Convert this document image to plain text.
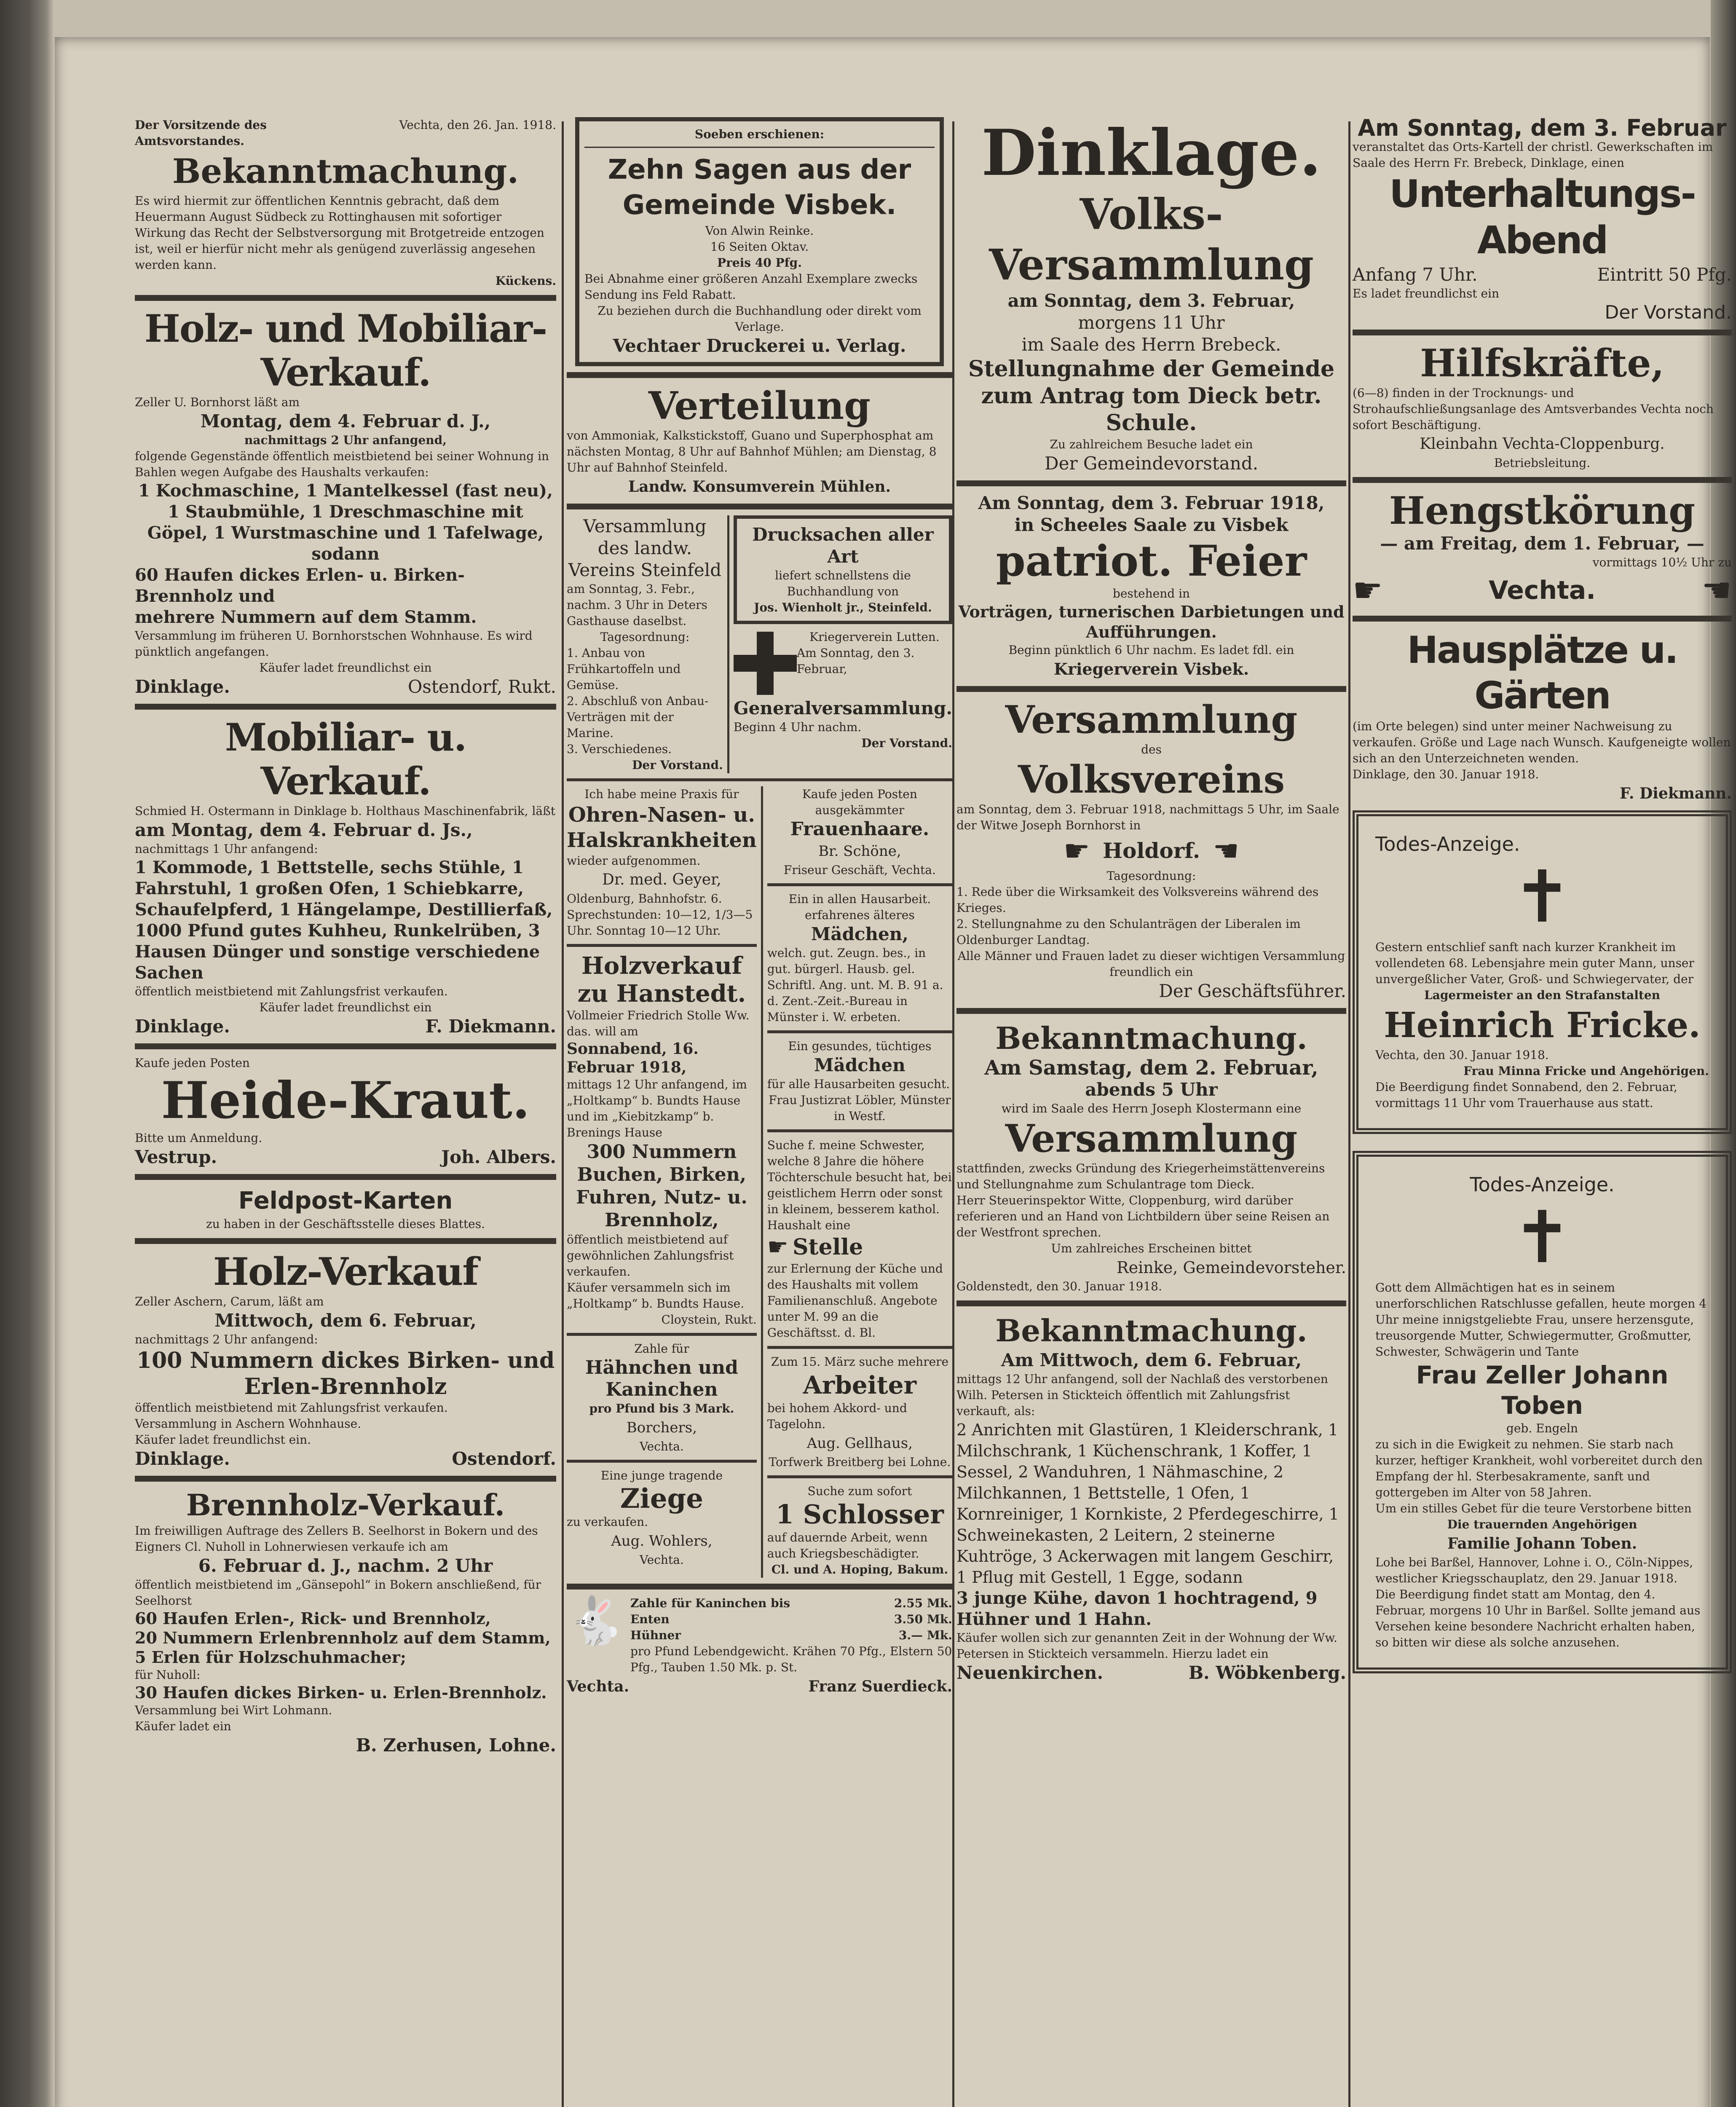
Der Vorsitzende des Amtsvorstandes.
Vechta, den 26. Jan. 1918.

Bekanntmachung.

Es wird hiermit zur öffentlichen Kenntnis gebracht, daß dem Heuermann August Südbeck zu Rottinghausen mit sofortiger Wirkung das Recht der Selbstversorgung mit Brotgetreide entzogen ist, weil er hierfür nicht mehr als genügend zuverlässig angesehen werden kann.

Kückens.

Holz- und Mobiliar-Verkauf.

Zeller U. Bornhorst läßt am

Montag, dem 4. Februar d. J.,

nachmittags 2 Uhr anfangend,

folgende Gegenstände öffentlich meistbietend bei seiner Wohnung in Bahlen wegen Aufgabe des Haushalts verkaufen:

1 Kochmaschine, 1 Mantelkessel (fast neu), 1 Staubmühle, 1 Dreschmaschine mit Göpel, 1 Wurstmaschine und 1 Tafelwage, sodann

60 Haufen dickes Erlen- u. Birken-Brennholz und

mehrere Nummern auf dem Stamm.

Versammlung im früheren U. Bornhorstschen Wohnhause. Es wird pünktlich angefangen.

Käufer ladet freundlichst ein

Dinklage.	Ostendorf, Rukt.

Mobiliar- u. Verkauf.

Schmied H. Ostermann in Dinklage b. Holthaus Maschinenfabrik, läßt

am Montag, dem 4. Februar d. Js.,

nachmittags 1 Uhr anfangend:

1 Kommode, 1 Bettstelle, sechs Stühle, 1 Fahrstuhl, 1 großen Ofen, 1 Schiebkarre, Schaufelpferd, 1 Hängelampe, Destillierfaß, 1000 Pfund gutes Kuhheu, Runkelrüben, 3 Hausen Dünger und sonstige verschiedene Sachen

öffentlich meistbietend mit Zahlungsfrist verkaufen.

Käufer ladet freundlichst ein

Dinklage.	F. Diekmann.

Kaufe jeden Posten

Heide-Kraut.

Bitte um Anmeldung.

Vestrup.	Joh. Albers.

Feldpost-Karten

zu haben in der Geschäftsstelle dieses Blattes.

Holz-Verkauf

Zeller Aschern, Carum, läßt am

Mittwoch, dem 6. Februar,

nachmittags 2 Uhr anfangend:

100 Nummern dickes Birken- und Erlen-Brennholz

öffentlich meistbietend mit Zahlungsfrist verkaufen.

Versammlung in Aschern Wohnhause.

Käufer ladet freundlichst ein.

Dinklage.	Ostendorf.

Brennholz-Verkauf.

Im freiwilligen Auftrage des Zellers B. Seelhorst in Bokern und des Eigners Cl. Nuholl in Lohnerwiesen verkaufe ich am

6. Februar d. J., nachm. 2 Uhr

öffentlich meistbietend im „Gänsepohl“ in Bokern anschließend, für Seelhorst

60 Haufen Erlen-, Rick- und Brennholz,

20 Nummern Erlenbrennholz auf dem Stamm,

5 Erlen für Holzschuhmacher;

für Nuholl:

30 Haufen dickes Birken- u. Erlen-Brennholz.

Versammlung bei Wirt Lohmann.

Käufer ladet ein

B. Zerhusen, Lohne.

Soeben erschienen:

Zehn Sagen aus der Gemeinde Visbek.

Von Alwin Reinke.

16 Seiten Oktav.

Preis 40 Pfg.

Bei Abnahme einer größeren Anzahl Exemplare zwecks Sendung ins Feld Rabatt.

Zu beziehen durch die Buchhandlung oder direkt vom Verlage.

Vechtaer Druckerei u. Verlag.

Verteilung

von Ammoniak, Kalkstickstoff, Guano und Superphosphat am nächsten Montag, 8 Uhr auf Bahnhof Mühlen; am Dienstag, 8 Uhr auf Bahnhof Steinfeld.

Landw. Konsumverein Mühlen.

Versammlung des landw. Vereins Steinfeld

am Sonntag, 3. Febr., nachm. 3 Uhr in Deters Gasthause daselbst.

Tagesordnung:

1. Anbau von Frühkartoffeln und Gemüse.

2. Abschluß von Anbau-Verträgen mit der Marine.

3. Verschiedenes.

Der Vorstand.

Drucksachen aller Art

liefert schnellstens die Buchhandlung von

Jos. Wienholt jr., Steinfeld.

Kriegerverein Lutten.

Am Sonntag, den 3. Februar,

Generalversammlung.

Beginn 4 Uhr nachm.

Der Vorstand.

Ich habe meine Praxis für

Ohren-Nasen- u. Halskrankheiten

wieder aufgenommen.

Dr. med. Geyer,

Oldenburg, Bahnhofstr. 6.

Sprechstunden: 10—12, 1/3—5 Uhr. Sonntag 10—12 Uhr.

Holzverkauf zu Hanstedt.

Vollmeier Friedrich Stolle Ww. das. will am

Sonnabend, 16. Februar 1918,

mittags 12 Uhr anfangend, im „Holtkamp“ b. Bundts Hause und im „Kiebitzkamp“ b. Brenings Hause

300 Nummern Buchen, Birken, Fuhren, Nutz- u. Brennholz,

öffentlich meistbietend auf gewöhnlichen Zahlungsfrist verkaufen.

Käufer versammeln sich im „Holtkamp“ b. Bundts Hause.

Cloystein, Rukt.

Zahle für

Hähnchen und Kaninchen

pro Pfund bis 3 Mark.

Borchers,

Vechta.

Eine junge tragende

Ziege

zu verkaufen.

Aug. Wohlers,

Vechta.

Kaufe jeden Posten ausgekämmter

Frauenhaare.

Br. Schöne,

Friseur Geschäft, Vechta.

Ein in allen Hausarbeit. erfahrenes älteres

Mädchen,

welch. gut. Zeugn. bes., in gut. bürgerl. Hausb. gel. Schriftl. Ang. unt. M. B. 91 a. d. Zent.-Zeit.-Bureau in Münster i. W. erbeten.

Ein gesundes, tüchtiges

Mädchen

für alle Hausarbeiten gesucht.

Frau Justizrat Löbler, Münster in Westf.

Suche f. meine Schwester, welche 8 Jahre die höhere Töchterschule besucht hat, bei geistlichem Herrn oder sonst in kleinem, besserem kathol. Haushalt eine

☛ Stelle

zur Erlernung der Küche und des Haushalts mit vollem Familienanschluß. Angebote unter M. 99 an die Geschäftsst. d. Bl.

Zum 15. März suche mehrere

Arbeiter

bei hohem Akkord- und Tagelohn.

Aug. Gellhaus,

Torfwerk Breitberg bei Lohne.

Suche zum sofort

1 Schlosser

auf dauernde Arbeit, wenn auch Kriegsbeschädigter.

Cl. und A. Hoping, Bakum.

🐇 Zahle für Kaninchen bis	2.55 Mk.
Enten	3.50 Mk.
Hühner	3.— Mk.

pro Pfund Lebendgewicht. Krähen 70 Pfg., Elstern 50 Pfg., Tauben 1.50 Mk. p. St.

Vechta.	Franz Suerdieck.

Dinklage.

Volks-Versammlung

am Sonntag, dem 3. Februar,

morgens 11 Uhr

im Saale des Herrn Brebeck.

Stellungnahme der Gemeinde zum Antrag tom Dieck betr. Schule.

Zu zahlreichem Besuche ladet ein

Der Gemeindevorstand.

Am Sonntag, dem 3. Februar 1918,

in Scheeles Saale zu Visbek

patriot. Feier

bestehend in

Vorträgen, turnerischen Darbietungen und Aufführungen.

Beginn pünktlich 6 Uhr nachm. Es ladet fdl. ein

Kriegerverein Visbek.

Versammlung

des

Volksvereins

am Sonntag, dem 3. Februar 1918, nachmittags 5 Uhr, im Saale der Witwe Joseph Bornhorst in

☛ Holdorf. ☚

Tagesordnung:

1. Rede über die Wirksamkeit des Volksvereins während des Krieges.

2. Stellungnahme zu den Schulanträgen der Liberalen im Oldenburger Landtag.

Alle Männer und Frauen ladet zu dieser wichtigen Versammlung freundlich ein

Der Geschäftsführer.

Bekanntmachung.

Am Samstag, dem 2. Februar,

abends 5 Uhr

wird im Saale des Herrn Joseph Klostermann eine

Versammlung

stattfinden, zwecks Gründung des Kriegerheimstättenvereins und Stellungnahme zum Schulantrage tom Dieck.

Herr Steuerinspektor Witte, Cloppenburg, wird darüber referieren und an Hand von Lichtbildern über seine Reisen an der Westfront sprechen.

Um zahlreiches Erscheinen bittet

Reinke, Gemeindevorsteher.

Goldenstedt, den 30. Januar 1918.

Bekanntmachung.

Am Mittwoch, dem 6. Februar,

mittags 12 Uhr anfangend, soll der Nachlaß des verstorbenen Wilh. Petersen in Stickteich öffentlich mit Zahlungsfrist verkauft, als:

2 Anrichten mit Glastüren, 1 Kleiderschrank, 1 Milchschrank, 1 Küchenschrank, 1 Koffer, 1 Sessel, 2 Wanduhren, 1 Nähmaschine, 2 Milchkannen, 1 Bettstelle, 1 Ofen, 1 Kornreiniger, 1 Kornkiste, 2 Pferdegeschirre, 1 Schweinekasten, 2 Leitern, 2 steinerne Kuhtröge, 3 Ackerwagen mit langem Geschirr, 1 Pflug mit Gestell, 1 Egge, sodann

3 junge Kühe, davon 1 hochtragend, 9 Hühner und 1 Hahn.

Käufer wollen sich zur genannten Zeit in der Wohnung der Ww. Petersen in Stickteich versammeln. Hierzu ladet ein

Neuenkirchen.	B. Wöbkenberg.

Am Sonntag, dem 3. Februar

veranstaltet das Orts-Kartell der christl. Gewerkschaften im Saale des Herrn Fr. Brebeck, Dinklage, einen

Unterhaltungs-Abend

Anfang 7 Uhr.	Eintritt 50 Pfg.

Es ladet freundlichst ein

Der Vorstand.

Hilfskräfte,

(6—8) finden in der Trocknungs- und Strohaufschließungsanlage des Amtsverbandes Vechta noch sofort Beschäftigung.

Kleinbahn Vechta-Cloppenburg.

Betriebsleitung.

Hengstkörung

— am Freitag, dem 1. Februar, —

vormittags 10½ Uhr zu

☛	Vechta.	☚

Hausplätze u. Gärten

(im Orte belegen) sind unter meiner Nachweisung zu verkaufen. Größe und Lage nach Wunsch. Kaufgeneigte wollen sich an den Unterzeichneten wenden.

Dinklage, den 30. Januar 1918.

F. Diekmann.

Todes-Anzeige.

✝

Gestern entschlief sanft nach kurzer Krankheit im vollendeten 68. Lebensjahre mein guter Mann, unser unvergeßlicher Vater, Groß- und Schwiegervater, der

Lagermeister an den Strafanstalten

Heinrich Fricke.

Vechta, den 30. Januar 1918.

Frau Minna Fricke und Angehörigen.

Die Beerdigung findet Sonnabend, den 2. Februar, vormittags 11 Uhr vom Trauerhause aus statt.

Todes-Anzeige.

✝

Gott dem Allmächtigen hat es in seinem unerforschlichen Ratschlusse gefallen, heute morgen 4 Uhr meine innigstgeliebte Frau, unsere herzensgute, treusorgende Mutter, Schwiegermutter, Großmutter, Schwester, Schwägerin und Tante

Frau Zeller Johann Toben

geb. Engeln

zu sich in die Ewigkeit zu nehmen. Sie starb nach kurzer, heftiger Krankheit, wohl vorbereitet durch den Empfang der hl. Sterbesakramente, sanft und gottergeben im Alter von 58 Jahren.

Um ein stilles Gebet für die teure Verstorbene bitten

Die trauernden Angehörigen

Familie Johann Toben.

Lohe bei Barßel, Hannover, Lohne i. O., Cöln-Nippes, westlicher Kriegsschauplatz, den 29. Januar 1918.

Die Beerdigung findet statt am Montag, den 4. Februar, morgens 10 Uhr in Barßel. Sollte jemand aus Versehen keine besondere Nachricht erhalten haben, so bitten wir diese als solche anzusehen.
